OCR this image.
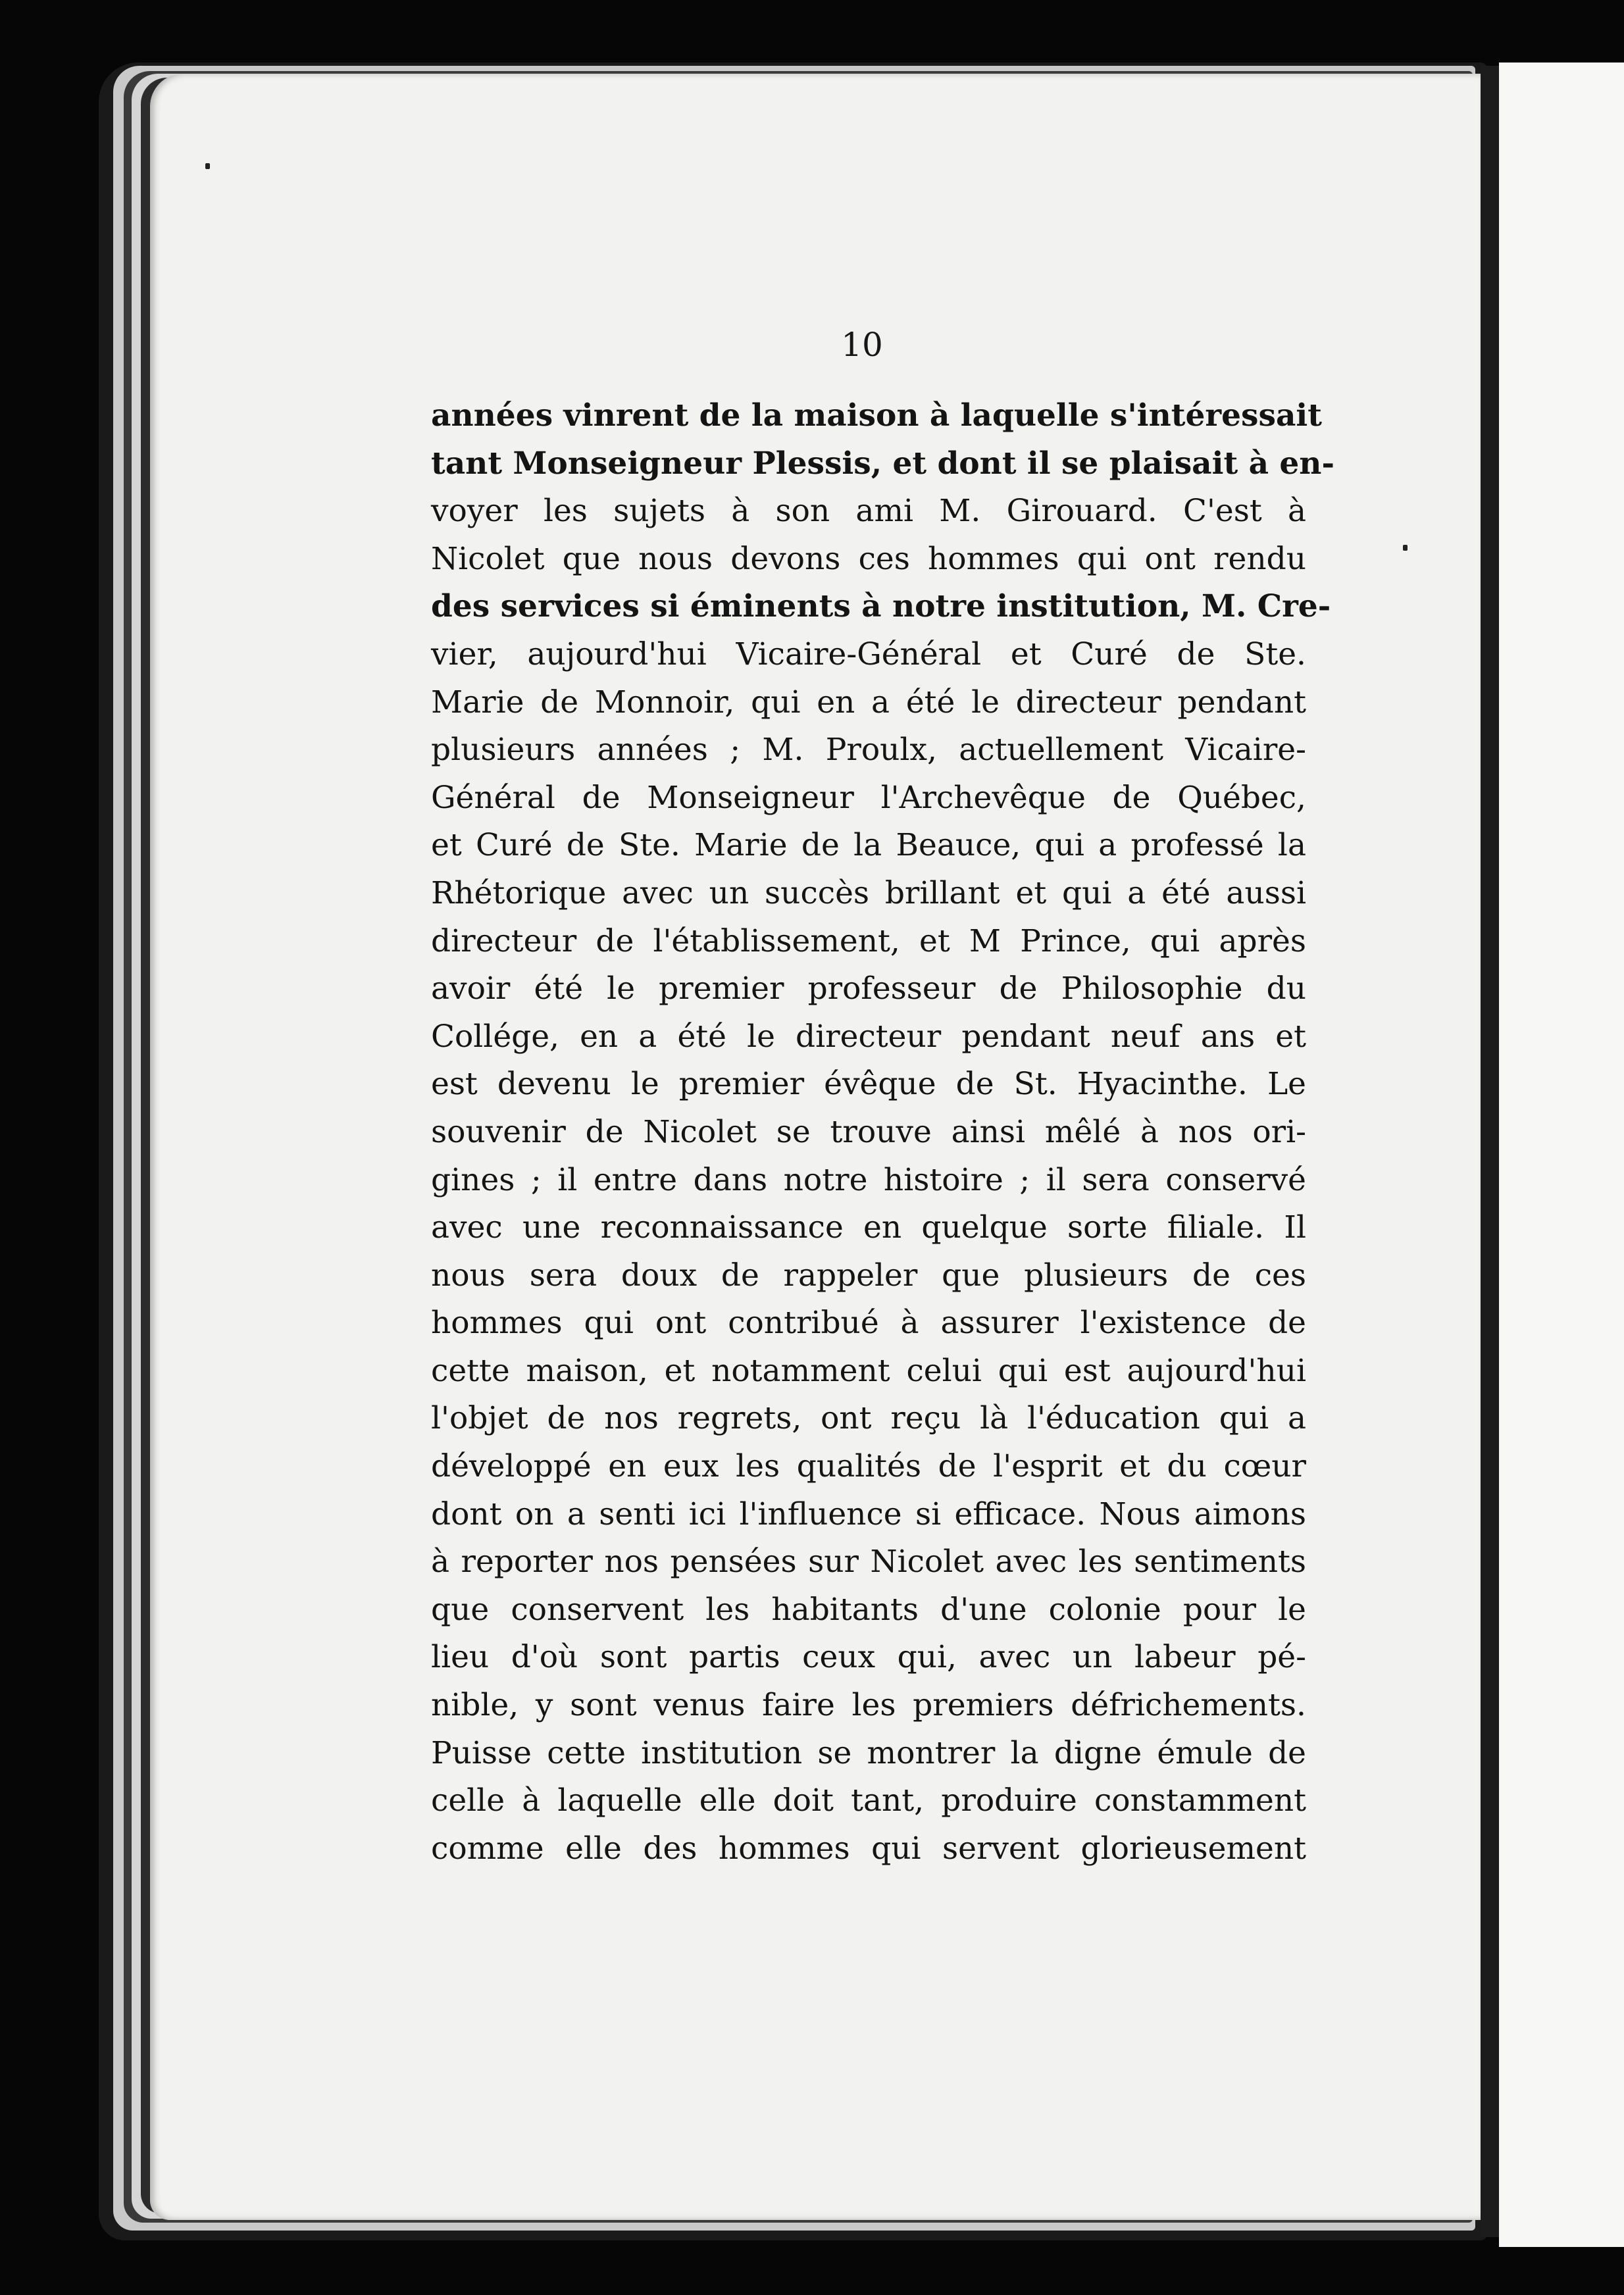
10
années vinrent de la maison à laquelle s'intéressait
tant Monseigneur Plessis, et dont il se plaisait à en-
voyer les sujets à son ami M. Girouard. C'est à
Nicolet que nous devons ces hommes qui ont rendu
des services si éminents à notre institution, M. Cre-
vier, aujourd'hui Vicaire-Général et Curé de Ste.
Marie de Monnoir, qui en a été le directeur pendant
plusieurs années ; M. Proulx, actuellement Vicaire-
Général de Monseigneur l'Archevêque de Québec,
et Curé de Ste. Marie de la Beauce, qui a professé la
Rhétorique avec un succès brillant et qui a été aussi
directeur de l'établissement, et M Prince, qui après
avoir été le premier professeur de Philosophie du
Collége, en a été le directeur pendant neuf ans et
est devenu le premier évêque de St. Hyacinthe. Le
souvenir de Nicolet se trouve ainsi mêlé à nos ori-
gines ; il entre dans notre histoire ; il sera conservé
avec une reconnaissance en quelque sorte filiale. Il
nous sera doux de rappeler que plusieurs de ces
hommes qui ont contribué à assurer l'existence de
cette maison, et notamment celui qui est aujourd'hui
l'objet de nos regrets, ont reçu là l'éducation qui a
développé en eux les qualités de l'esprit et du cœur
dont on a senti ici l'influence si efficace. Nous aimons
à reporter nos pensées sur Nicolet avec les sentiments
que conservent les habitants d'une colonie pour le
lieu d'où sont partis ceux qui, avec un labeur pé-
nible, y sont venus faire les premiers défrichements.
Puisse cette institution se montrer la digne émule de
celle à laquelle elle doit tant, produire constamment
comme elle des hommes qui servent glorieusement
